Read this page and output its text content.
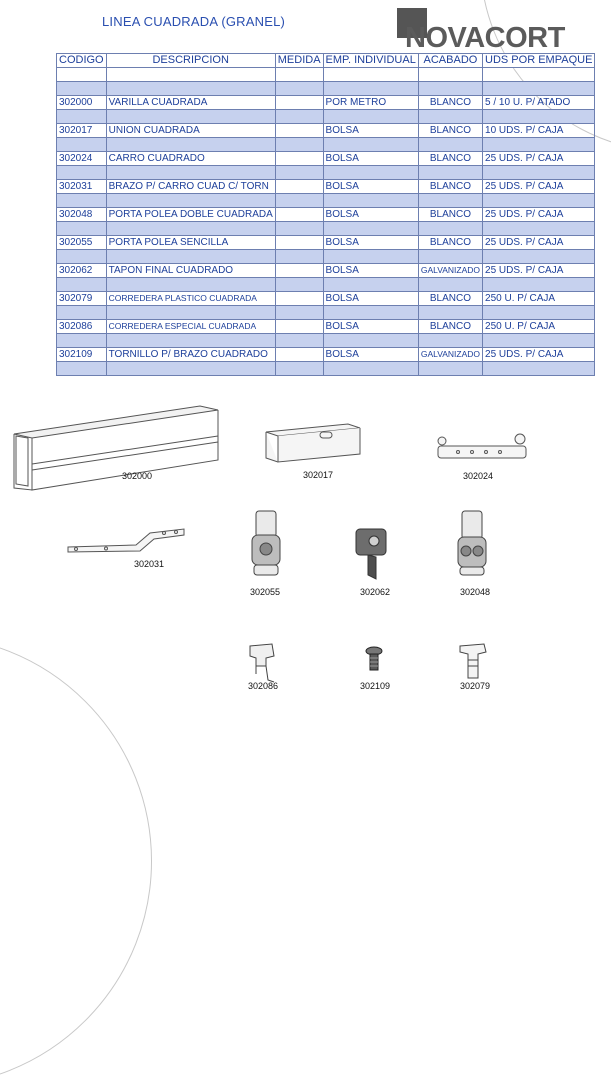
LINEA CUADRADA (GRANEL)
NOVACORT
CODIGO	DESCRIPCION	MEDIDA	EMP. INDIVIDUAL	ACABADO	UDS POR EMPAQUE

302000	VARILLA CUADRADA		POR METRO	BLANCO	5 / 10 U. P/ ATADO

302017	UNION CUADRADA		BOLSA	BLANCO	10 UDS. P/ CAJA

302024	CARRO CUADRADO		BOLSA	BLANCO	25 UDS. P/ CAJA

302031	BRAZO P/ CARRO CUAD C/ TORN		BOLSA	BLANCO	25 UDS. P/ CAJA

302048	PORTA POLEA DOBLE CUADRADA		BOLSA	BLANCO	25 UDS. P/ CAJA

302055	PORTA POLEA SENCILLA		BOLSA	BLANCO	25 UDS. P/ CAJA

302062	TAPON FINAL CUADRADO		BOLSA	GALVANIZADO	25 UDS. P/ CAJA

302079	CORREDERA PLASTICO CUADRADA		BOLSA	BLANCO	250 U. P/ CAJA

302086	CORREDERA ESPECIAL CUADRADA		BOLSA	BLANCO	250 U. P/ CAJA

302109	TORNILLO P/ BRAZO CUADRADO		BOLSA	GALVANIZADO	25 UDS. P/ CAJA

302000	302017	302024
302031
302055	302062	302048
302086	302109	302079
